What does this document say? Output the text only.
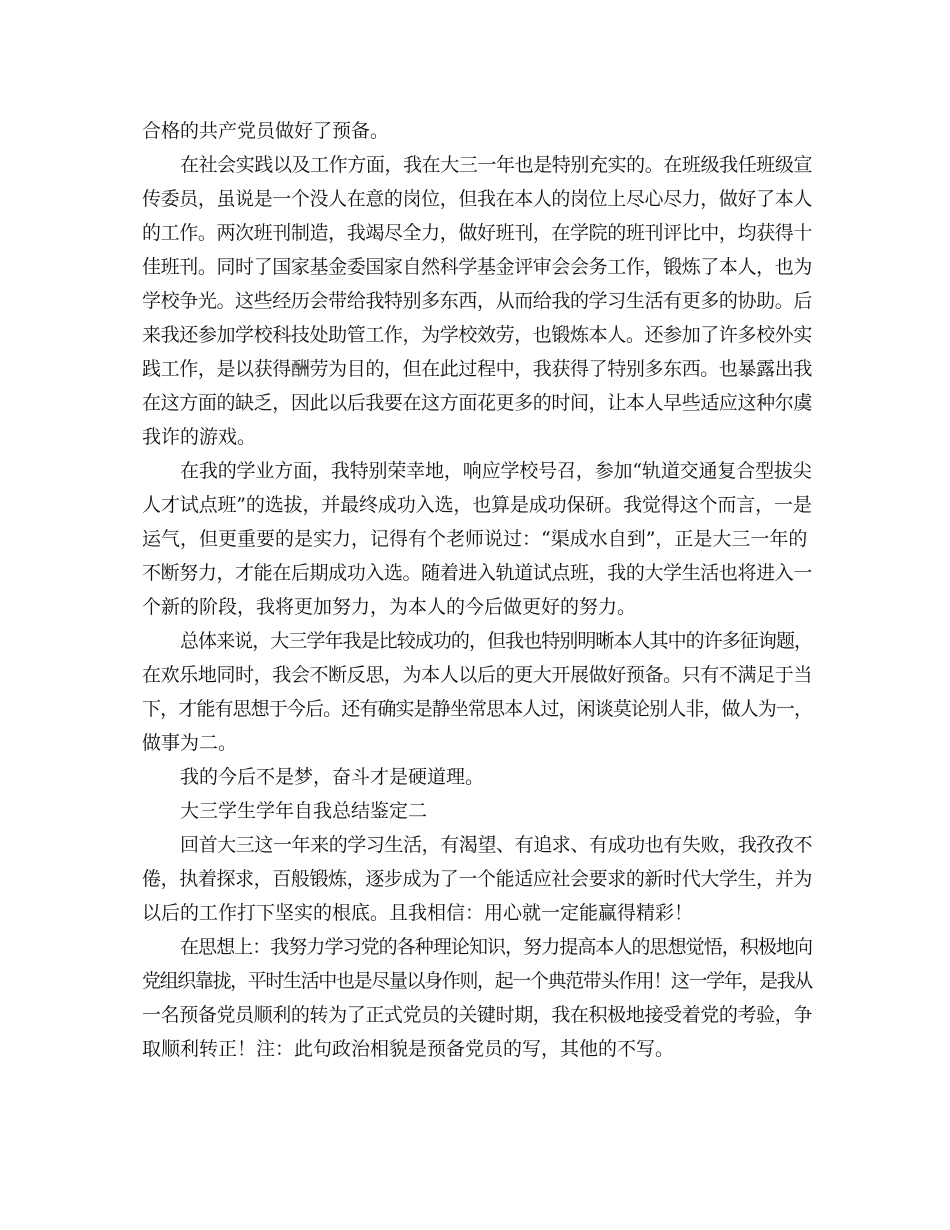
合格的共产党员做好了预备。

在社会实践以及工作方面，我在大三一年也是特别充实的。在班级我任班级宣

传委员，虽说是一个没人在意的岗位，但我在本人的岗位上尽心尽力，做好了本人

的工作。两次班刊制造，我竭尽全力，做好班刊，在学院的班刊评比中，均获得十

佳班刊。同时了国家基金委国家自然科学基金评审会会务工作，锻炼了本人，也为

学校争光。这些经历会带给我特别多东西，从而给我的学习生活有更多的协助。后

来我还参加学校科技处助管工作，为学校效劳，也锻炼本人。还参加了许多校外实

践工作，是以获得酬劳为目的，但在此过程中，我获得了特别多东西。也暴露出我

在这方面的缺乏，因此以后我要在这方面花更多的时间，让本人早些适应这种尔虞

我诈的游戏。

在我的学业方面，我特别荣幸地，响应学校号召，参加“轨道交通复合型拔尖

人才试点班”的选拔，并最终成功入选，也算是成功保研。我觉得这个而言，一是

运气，但更重要的是实力，记得有个老师说过：“渠成水自到”，正是大三一年的

不断努力，才能在后期成功入选。随着进入轨道试点班，我的大学生活也将进入一

个新的阶段，我将更加努力，为本人的今后做更好的努力。

总体来说，大三学年我是比较成功的，但我也特别明晰本人其中的许多征询题，

在欢乐地同时，我会不断反思，为本人以后的更大开展做好预备。只有不满足于当

下，才能有思想于今后。还有确实是静坐常思本人过，闲谈莫论别人非，做人为一，

做事为二。

我的今后不是梦，奋斗才是硬道理。

大三学生学年自我总结鉴定二

回首大三这一年来的学习生活，有渴望、有追求、有成功也有失败，我孜孜不

倦，执着探求，百般锻炼，逐步成为了一个能适应社会要求的新时代大学生，并为

以后的工作打下坚实的根底。且我相信：用心就一定能赢得精彩！

在思想上：我努力学习党的各种理论知识，努力提高本人的思想觉悟，积极地向

党组织靠拢，平时生活中也是尽量以身作则，起一个典范带头作用！这一学年，是我从

一名预备党员顺利的转为了正式党员的关键时期，我在积极地接受着党的考验，争

取顺利转正！注：此句政治相貌是预备党员的写，其他的不写。
